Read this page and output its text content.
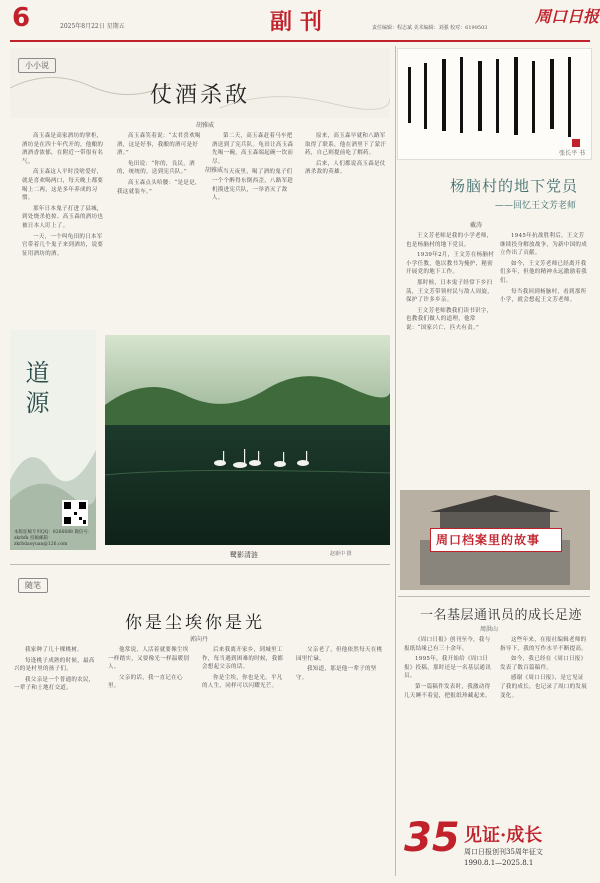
6	2025年8月22日 星期五	副刊	责任编辑：程志斌 美术编辑：刘强 校对：6199503
周口日报
小小说
仗酒杀敌
胡雅威
胡雅威

高玉森是高家酒坊的掌柜，酒坊是在四十年代开的，他酿的酒酒香浓郁，在附近一带很有名气。

高玉森这人平时没啥爱好，就是喜欢喝两口，每天晚上都要喝上二两，这是多年养成的习惯。

那年日本鬼子打进了县城，到处烧杀抢掠。高玉森的酒坊也被日本人盯上了。

一天，一个叫龟田的日本军官带着几个鬼子来到酒坊，说要征用酒坊的酒。

高玉森笑着说：“太君喜欢喝酒，这是好事，我酿的酒可是好酒。”

龟田说：“你的，良民，酒的，统统的，送到宪兵队。”

高玉森点头哈腰：“是是是，我这就装车。”

第二天，高玉森赶着马车把酒送到了宪兵队。龟田让高玉森先喝一碗，高玉森端起碗一饮而尽。

当天夜里，喝了酒的鬼子们一个个醉得东倒西歪，八路军趁机摸进宪兵队，一举消灭了敌人。

原来，高玉森早就和八路军取得了联系，他在酒里下了蒙汗药，自己则提前吃了解药。

后来，人们都说高玉森是仗酒杀敌的英雄。

张长平 书
杨脑村的地下党员
——回忆王文芳老师
戴涛

王文芳老师是我的小学老师，也是杨脑村的地下党员。

1939年2月，王文芳在杨脑村小学任教，他以教书为掩护，秘密开展党的地下工作。

那时候，日本鬼子经常下乡扫荡，王文芳带领村民与敌人周旋，保护了许多乡亲。

王文芳老师教我们读书识字，也教我们做人的道理，他常说：“国家兴亡，匹夫有责。”

1945年抗战胜利后，王文芳继续投身解放战争，为新中国的成立作出了贡献。

如今，王文芳老师已经离开我们多年，但他的精神永远激励着我们。

每当我回到杨脑村，看到那所小学，就会想起王文芳老师。

道源
本版征稿专用QQ：8266688 微信号：zkrbfk 投稿邮箱：zkrbdaoyuan@126.com
鹭影清涟	赵新中 摄
周口档案里的故事
一名基层通讯员的成长足迹
周洪山

《周口日报》创刊至今，我与报纸结缘已有三十余年。

1995年，我开始给《周口日报》投稿，那时还是一名基层通讯员。

第一篇稿件发表时，我激动得几天睡不着觉，把报纸珍藏起来。

这些年来，在报社编辑老师的指导下，我的写作水平不断提高。

如今，我已经在《周口日报》发表了数百篇稿件。

感谢《周口日报》，是它见证了我的成长，也记录了周口的发展变化。

35 见证·成长
周口日报创刊35周年征文
1990.8.1—2025.8.1
随笔
你是尘埃你是光
郭向丹

我家种了几十棵桃树。

每逢桃子成熟的时候，最高兴的是村里的孩子们。

我父亲是一个普通的农民，一辈子和土地打交道。

他常说，人活着就要像尘埃一样踏实，又要像光一样温暖别人。

父亲的话，我一直记在心里。

后来我离开家乡，到城里工作，每当遇到困难的时候，我都会想起父亲的话。

你是尘埃，你也是光。平凡的人生，同样可以闪耀光芒。

父亲老了，但他依然每天在桃园里忙碌。

我知道，那是他一辈子的坚守。
